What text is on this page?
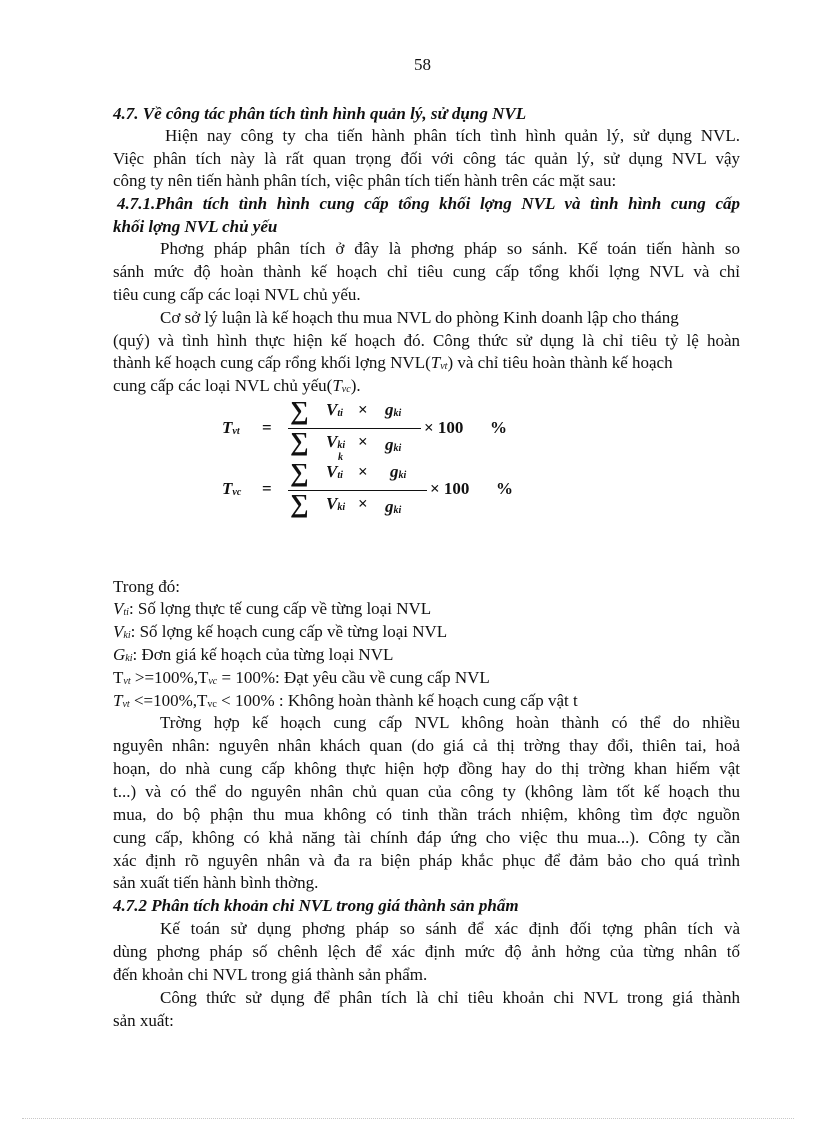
58
4.7. Về công tác phân tích tình hình quản lý, sử dụng NVL
Hiện nay công ty cha tiến hành phân tích tình hình quản lý, sử dụng NVL.
Việc phân tích này là rất quan trọng đối với công tác quản lý, sử dụng NVL vậy
công ty nên tiến hành phân tích, việc phân tích tiến hành trên các mặt sau:
4.7.1.Phân tích tình hình cung cấp tổng khối lợng NVL và tình hình cung cấp
khối lợng NVL chủ yếu
Phơng pháp phân tích ở đây là phơng pháp so sánh. Kế toán tiến hành so
sánh mức độ hoàn thành kế hoạch chỉ tiêu cung cấp tổng khối lợng NVL và chỉ
tiêu cung cấp các loại NVL chủ yếu.
Cơ sở lý luận là kế hoạch thu mua NVL do phòng Kinh doanh lập cho tháng
(quý) và tình hình thực hiện kế hoạch đó. Công thức sử dụng là chỉ tiêu tỷ lệ hoàn
thành kế hoạch cung cấp rổng khối lợng NVL(Tvt) và chỉ tiêu hoàn thành kế hoạch
cung cấp các loại NVL chủ yếu(Tvc).
Tvt =
∑ Vti × gki
∑ Vki × gki
× 100 %
Tvc =
∑ Vti
k
× gki
∑ Vki × gki
× 100 %
Trong đó:
Vti: Số lợng thực tế cung cấp về từng loại NVL
Vki: Số lợng kế hoạch cung cấp về từng loại NVL
Gki: Đơn giá kế hoạch của từng loại NVL
Tvt >=100%,Tvc = 100%: Đạt yêu cầu về cung cấp NVL
Tvt <=100%,Tvc < 100% : Không hoàn thành kế hoạch cung cấp vật t
Trờng hợp kế hoạch cung cấp NVL không hoàn thành có thể do nhiều
nguyên nhân: nguyên nhân khách quan (do giá cả thị trờng thay đổi, thiên tai, hoả
hoạn, do nhà cung cấp không thực hiện hợp đồng hay do thị trờng khan hiếm vật
t...) và có thể do nguyên nhân chủ quan của công ty (không làm tốt kế hoạch thu
mua, do bộ phận thu mua không có tinh thần trách nhiệm, không tìm đợc nguồn
cung cấp, không có khả năng tài chính đáp ứng cho việc thu mua...). Công ty cần
xác định rõ nguyên nhân và đa ra biện pháp khắc phục để đảm bảo cho quá trình
sản xuất tiến hành bình thờng.
4.7.2 Phân tích khoản chi NVL trong giá thành sản phẩm
Kế toán sử dụng phơng pháp so sánh để xác định đối tợng phân tích và
dùng phơng pháp số chênh lệch để xác định mức độ ảnh hởng của từng nhân tố
đến khoản chi NVL trong giá thành sản phẩm.
Công thức sử dụng để phân tích là chỉ tiêu khoản chi NVL trong giá thành
sản xuất:
